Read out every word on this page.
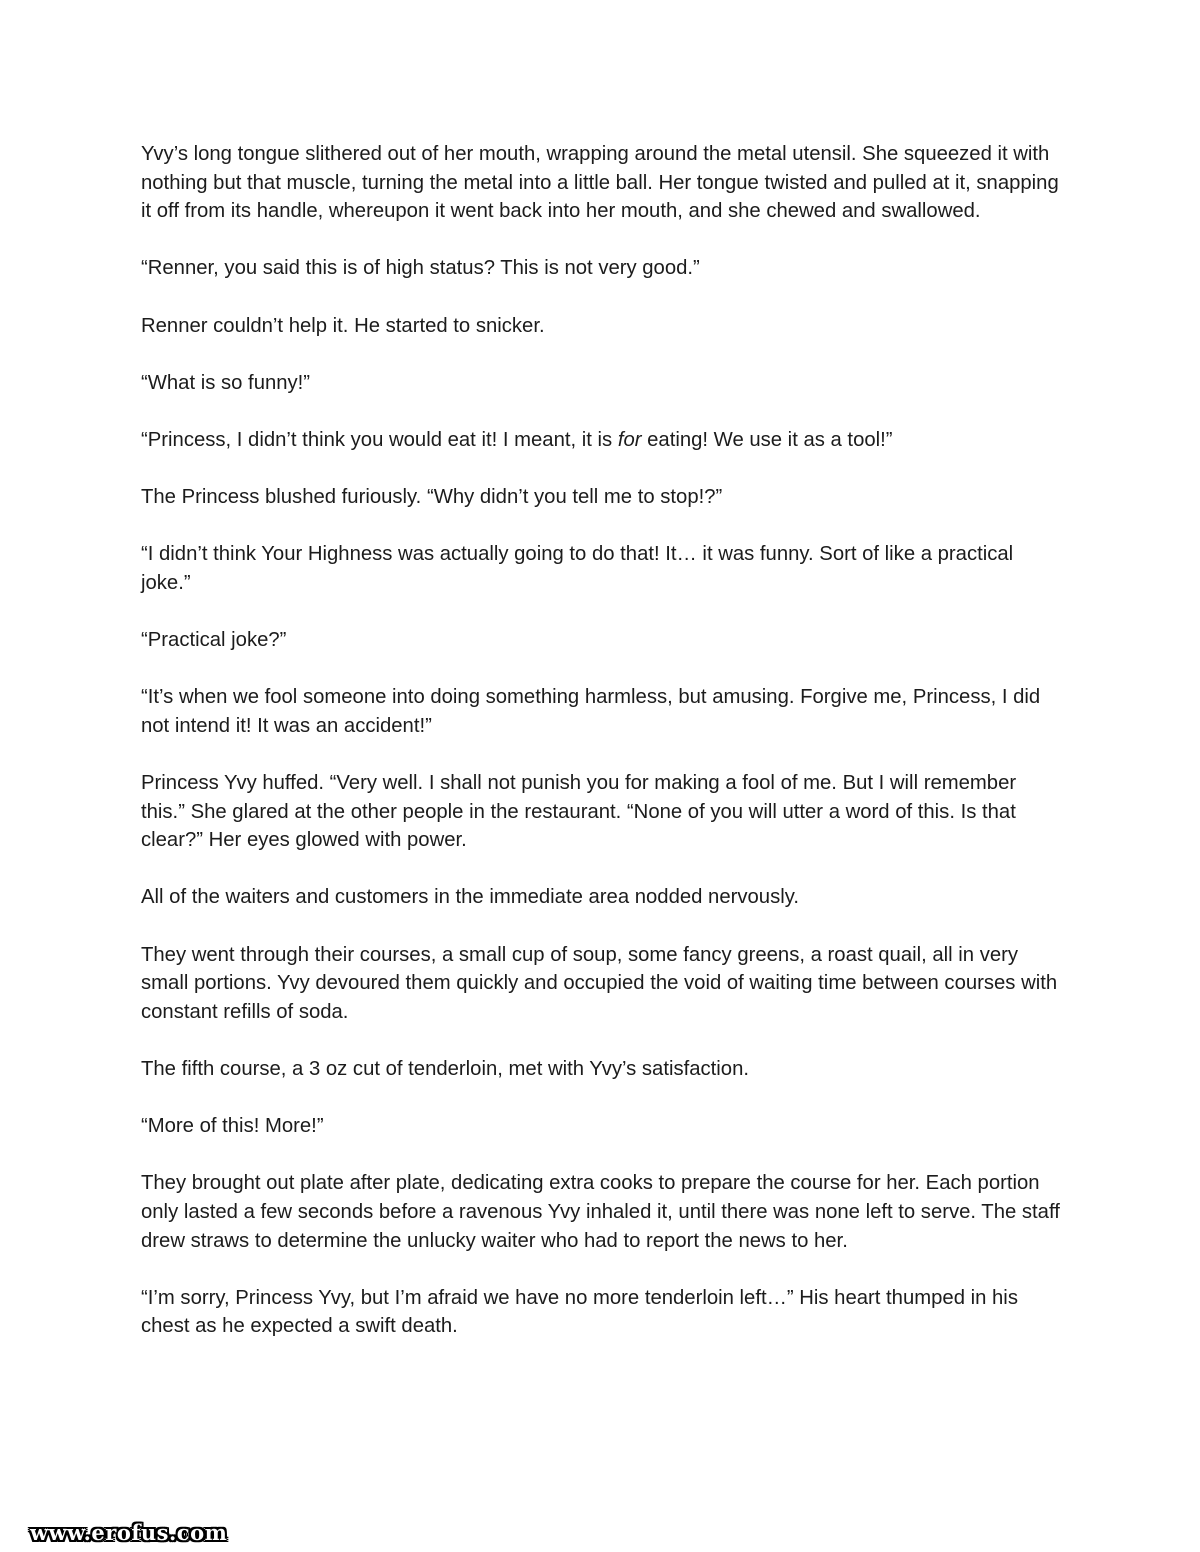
Yvy’s long tongue slithered out of her mouth, wrapping around the metal utensil. She squeezed it with nothing but that muscle, turning the metal into a little ball. Her tongue twisted and pulled at it, snapping it off from its handle, whereupon it went back into her mouth, and she chewed and swallowed.

“Renner, you said this is of high status? This is not very good.”

Renner couldn’t help it. He started to snicker.

“What is so funny!”

“Princess, I didn’t think you would eat it! I meant, it is for eating! We use it as a tool!”

The Princess blushed furiously. “Why didn’t you tell me to stop!?”

“I didn’t think Your Highness was actually going to do that! It… it was funny. Sort of like a practical joke.”

“Practical joke?”

“It’s when we fool someone into doing something harmless, but amusing. Forgive me, Princess, I did not intend it! It was an accident!”

Princess Yvy huffed. “Very well. I shall not punish you for making a fool of me. But I will remember this.” She glared at the other people in the restaurant. “None of you will utter a word of this. Is that clear?” Her eyes glowed with power.

All of the waiters and customers in the immediate area nodded nervously.

They went through their courses, a small cup of soup, some fancy greens, a roast quail, all in very small portions. Yvy devoured them quickly and occupied the void of waiting time between courses with constant refills of soda.

The fifth course, a 3 oz cut of tenderloin, met with Yvy’s satisfaction.

“More of this! More!”

They brought out plate after plate, dedicating extra cooks to prepare the course for her. Each portion only lasted a few seconds before a ravenous Yvy inhaled it, until there was none left to serve. The staff drew straws to determine the unlucky waiter who had to report the news to her.

“I’m sorry, Princess Yvy, but I’m afraid we have no more tenderloin left…” His heart thumped in his chest as he expected a swift death.

www.erofus.com
